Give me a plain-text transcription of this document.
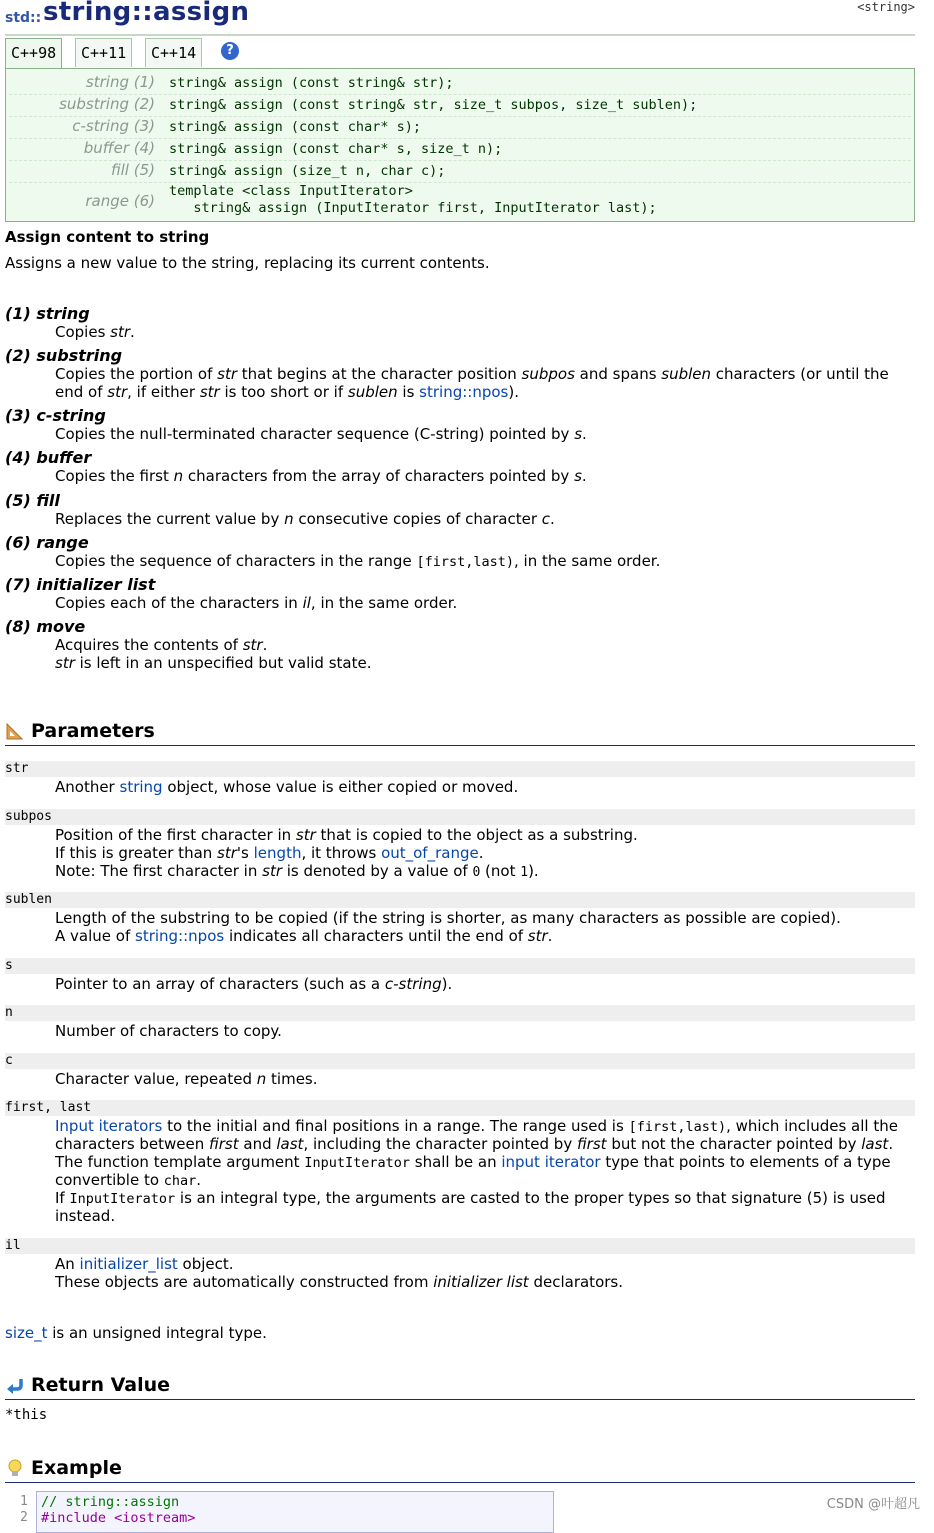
std:: string::assign	<string>
C++98	C++11	C++14	?
string (1) string& assign (const string& str);
substring (2) string& assign (const string& str, size_t subpos, size_t sublen);
c-string (3) string& assign (const char* s);
buffer (4) string& assign (const char* s, size_t n);
fill (5) string& assign (size_t n, char c);
range (6)
template <class InputIterator>
string& assign (InputIterator first, InputIterator last);
Assign content to string
Assigns a new value to the string, replacing its current contents.
(1) string
Copies str.
(2) substring
Copies the portion of str that begins at the character position subpos and spans sublen characters (or until the
end of str, if either str is too short or if sublen is string::npos).
(3) c-string
Copies the null-terminated character sequence (C-string) pointed by s.
(4) buffer
Copies the first n characters from the array of characters pointed by s.
(5) fill
Replaces the current value by n consecutive copies of character c.
(6) range
Copies the sequence of characters in the range [first,last), in the same order.
(7) initializer list
Copies each of the characters in il, in the same order.
(8) move
Acquires the contents of str.
str is left in an unspecified but valid state.
Parameters
str
Another string object, whose value is either copied or moved.
subpos
Position of the first character in str that is copied to the object as a substring.
If this is greater than str's length, it throws out_of_range.
Note: The first character in str is denoted by a value of 0 (not 1).
sublen
Length of the substring to be copied (if the string is shorter, as many characters as possible are copied).
A value of string::npos indicates all characters until the end of str.
s
Pointer to an array of characters (such as a c-string).
n
Number of characters to copy.
c
Character value, repeated n times.
first, last
Input iterators to the initial and final positions in a range. The range used is [first,last), which includes all the
characters between first and last, including the character pointed by first but not the character pointed by last.
The function template argument InputIterator shall be an input iterator type that points to elements of a type
convertible to char.
If InputIterator is an integral type, the arguments are casted to the proper types so that signature (5) is used
instead.
il
An initializer_list object.
These objects are automatically constructed from initializer list declarators.
size_t is an unsigned integral type.
Return Value
*this
Example
1
2
// string::assign
#include <iostream>
CSDN @叶超凡
